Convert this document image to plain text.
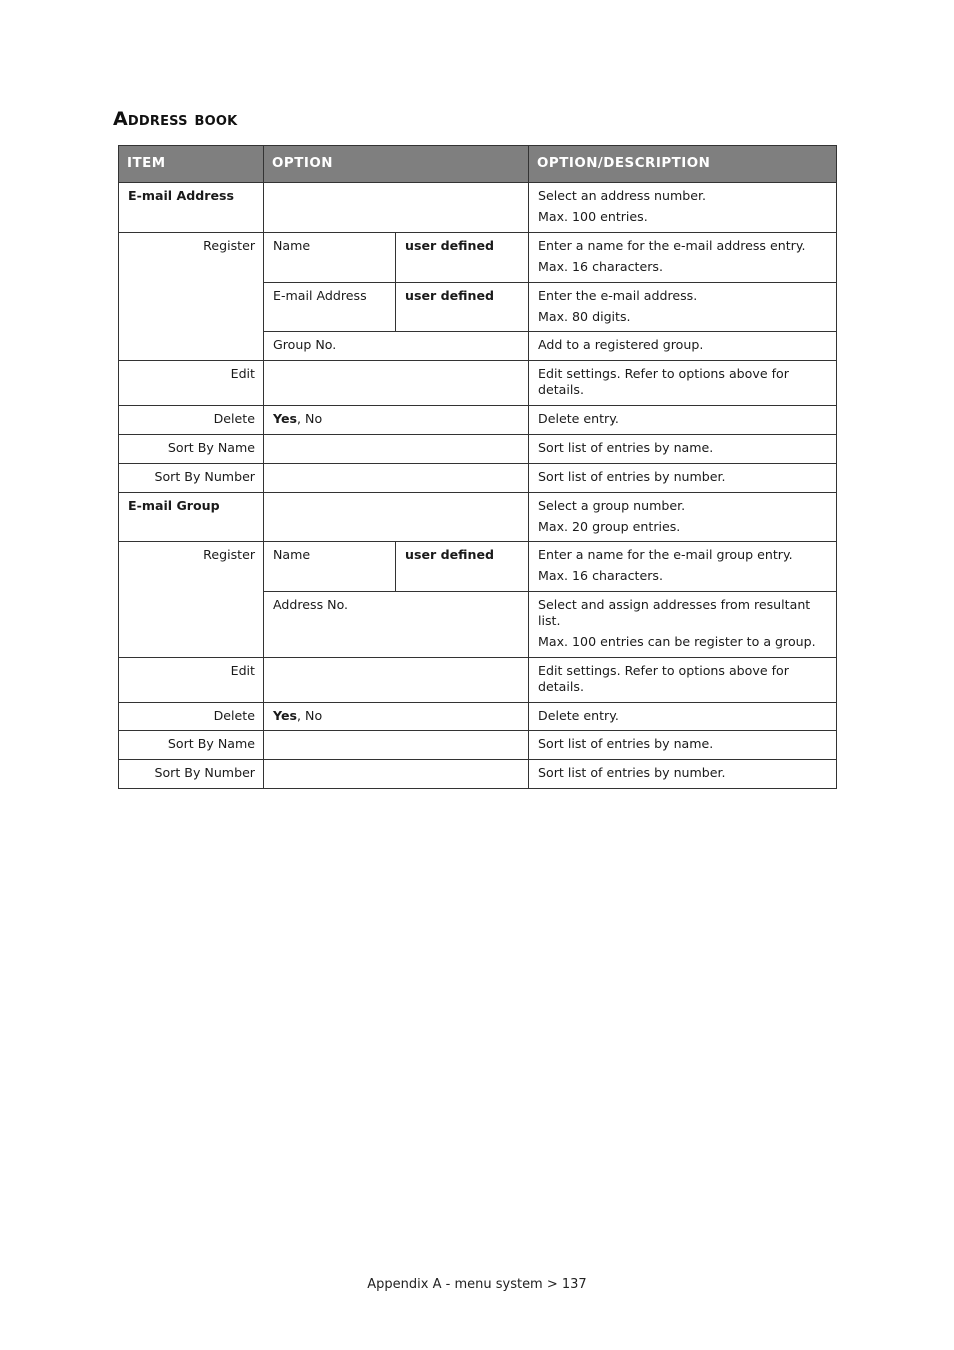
Address book
ITEM	OPTION		OPTION/DESCRIPTION
E-mail Address			Select an address number.
Max. 100 entries.

Register	Name	user defined	Enter a name for the e-mail address entry.
Max. 16 characters.

	E-mail Address	user defined	Enter the e-mail address.
Max. 80 digits.

	Group No.		Add to a registered group.
Edit			Edit settings. Refer to options above for details.
Delete	Yes, No		Delete entry.
Sort By Name			Sort list of entries by name.
Sort By Number			Sort list of entries by number.
E-mail Group			Select a group number.
Max. 20 group entries.

Register	Name	user defined	Enter a name for the e-mail group entry.
Max. 16 characters.

	Address No.		Select and assign addresses from resultant list.
Max. 100 entries can be register to a group.

Edit			Edit settings. Refer to options above for details.
Delete	Yes, No		Delete entry.
Sort By Name			Sort list of entries by name.
Sort By Number			Sort list of entries by number.
Appendix A - menu system > 137
